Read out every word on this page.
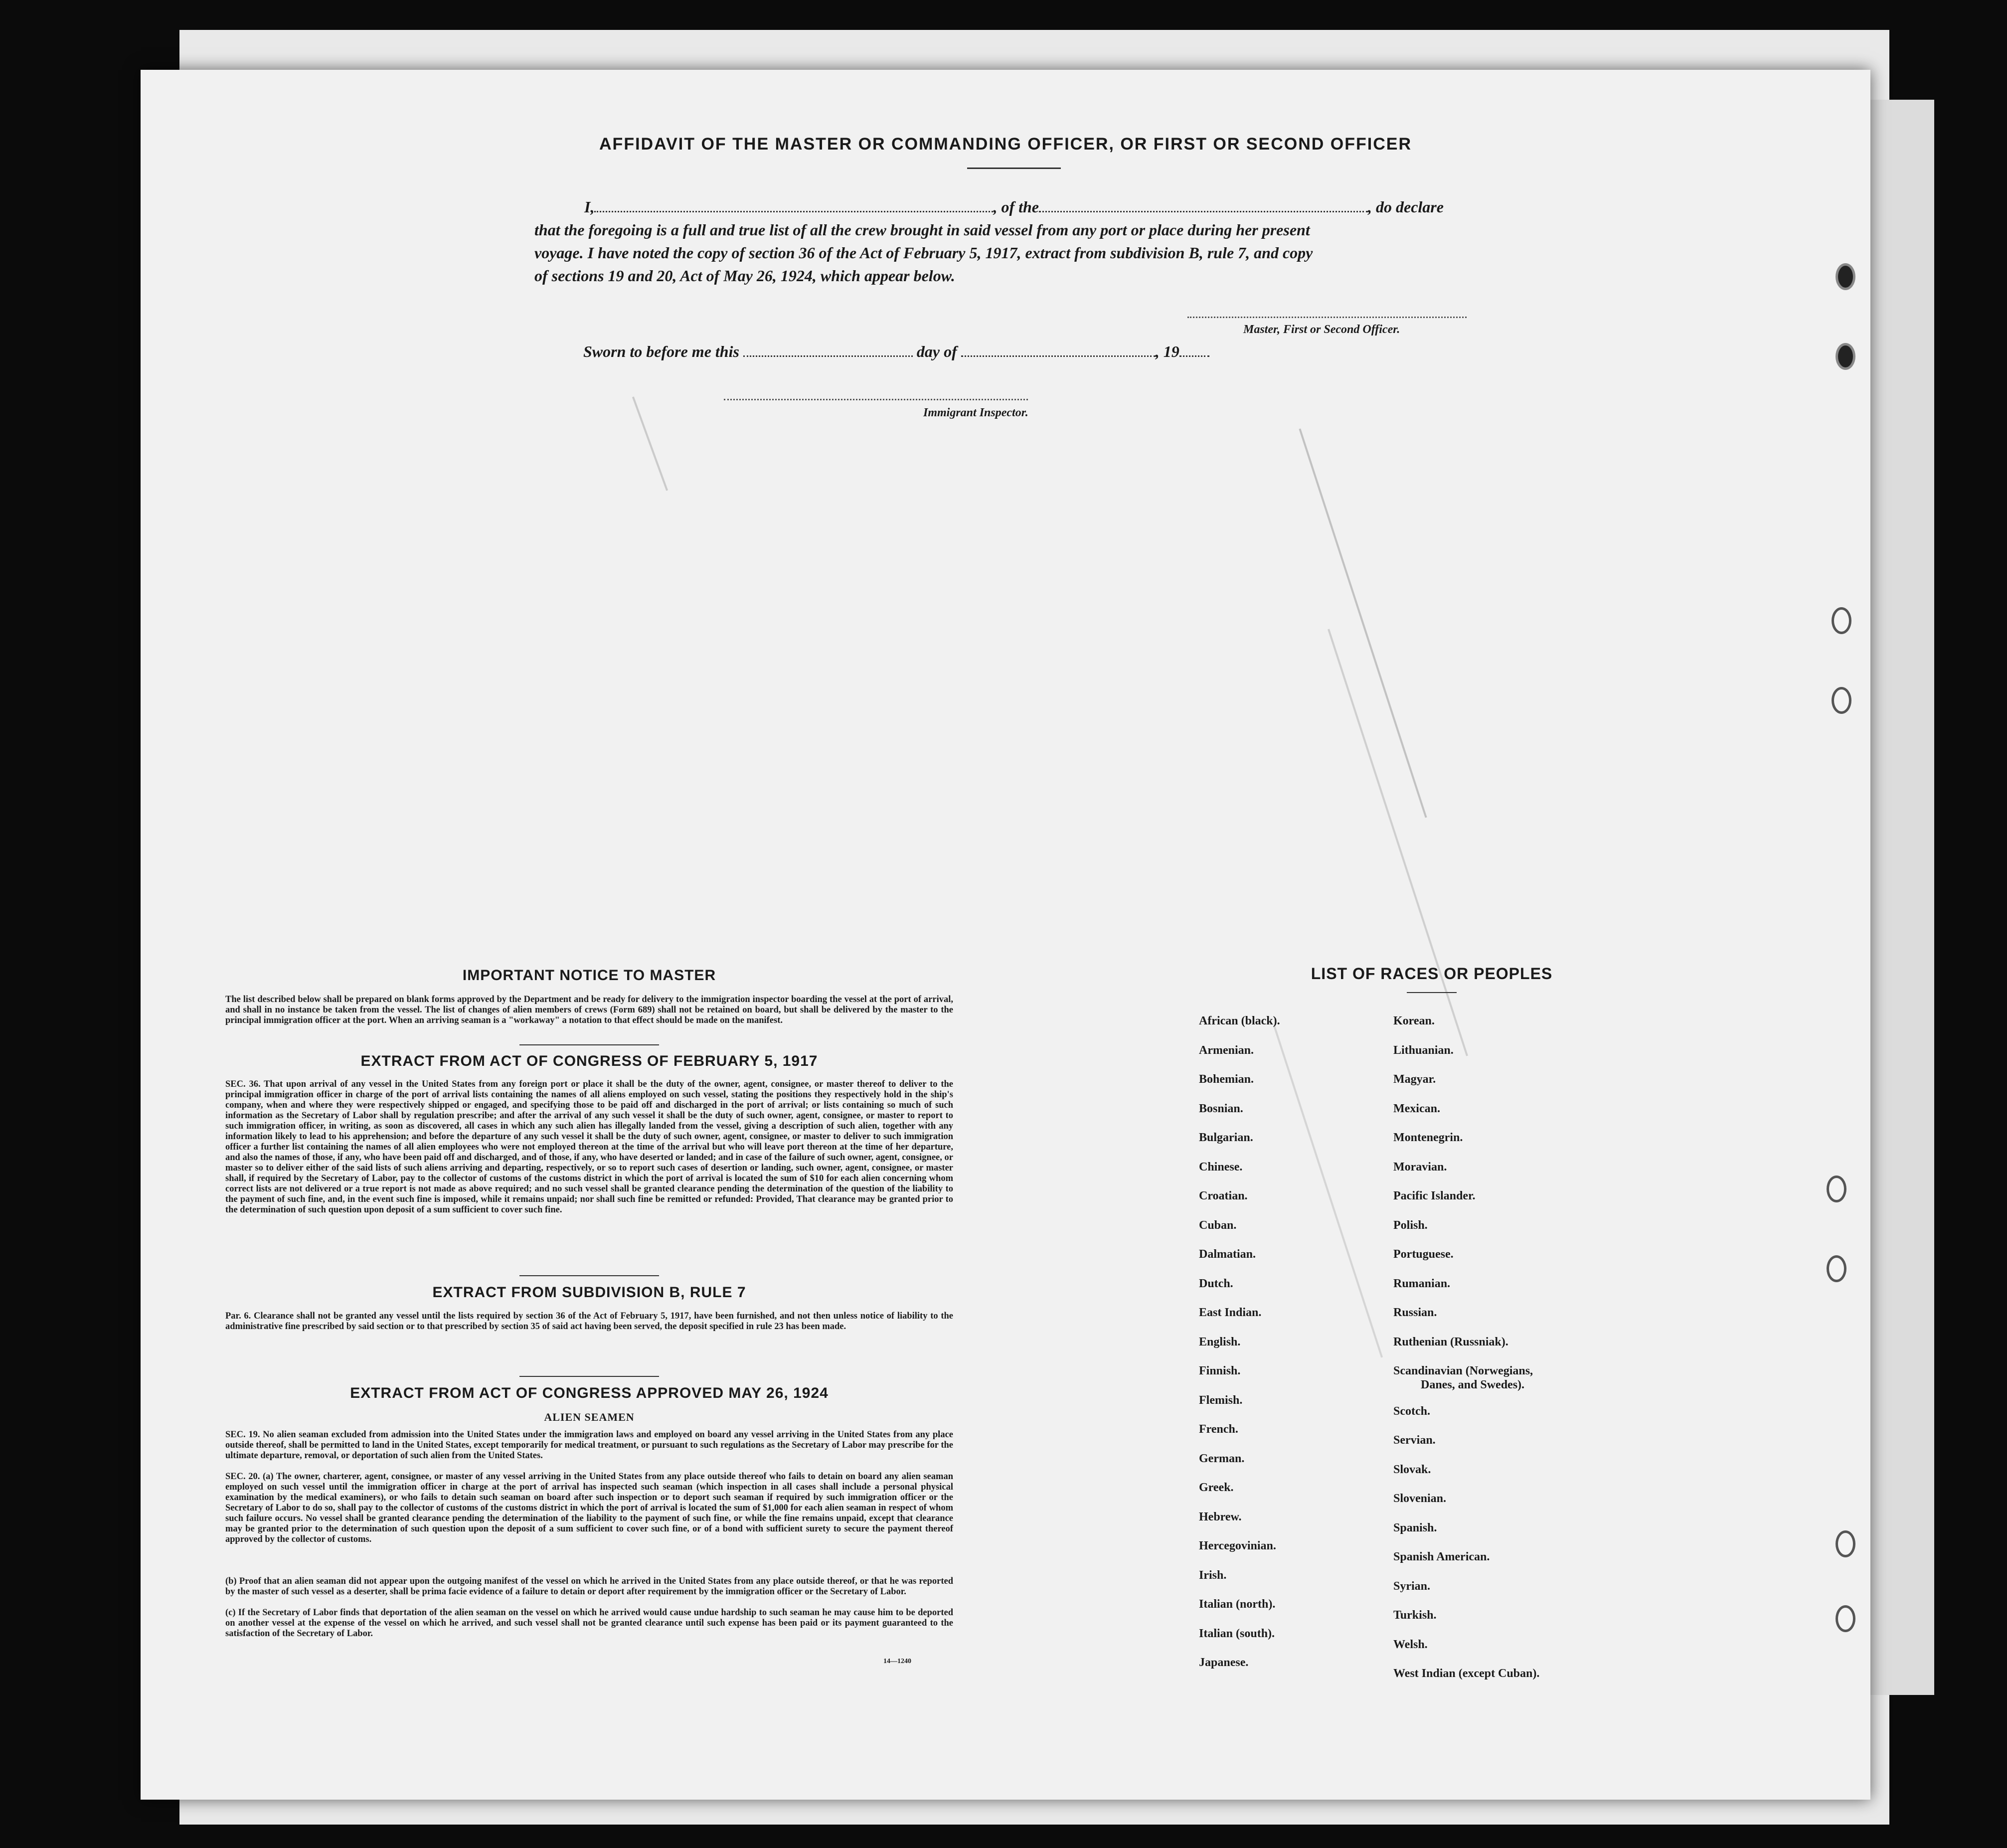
AFFIDAVIT OF THE MASTER OR COMMANDING OFFICER, OR FIRST OR SECOND OFFICER
I,	, of the	, do declare
that the foregoing is a full and true list of all the crew brought in said vessel from any port or place during her present
voyage. I have noted the copy of section 36 of the Act of February 5, 1917, extract from subdivision B, rule 7, and copy
of sections 19 and 20, Act of May 26, 1924, which appear below.
Master, First or Second Officer.
Sworn to before me this	day of	, 19
Immigrant Inspector.
IMPORTANT NOTICE TO MASTER
The list described below shall be prepared on blank forms approved by the Department and be ready for delivery to the immigration inspector boarding the vessel at the port of arrival, and shall in no instance be taken from the vessel. The list of changes of alien members of crews (Form 689) shall not be retained on board, but shall be delivered by the master to the principal immigration officer at the port. When an arriving seaman is a "workaway" a notation to that effect should be made on the manifest.
EXTRACT FROM ACT OF CONGRESS OF FEBRUARY 5, 1917
SEC. 36. That upon arrival of any vessel in the United States from any foreign port or place it shall be the duty of the owner, agent, consignee, or master thereof to deliver to the principal immigration officer in charge of the port of arrival lists containing the names of all aliens employed on such vessel, stating the positions they respectively hold in the ship's company, when and where they were respectively shipped or engaged, and specifying those to be paid off and discharged in the port of arrival; or lists containing so much of such information as the Secretary of Labor shall by regulation prescribe; and after the arrival of any such vessel it shall be the duty of such owner, agent, consignee, or master to report to such immigration officer, in writing, as soon as discovered, all cases in which any such alien has illegally landed from the vessel, giving a description of such alien, together with any information likely to lead to his apprehension; and before the departure of any such vessel it shall be the duty of such owner, agent, consignee, or master to deliver to such immigration officer a further list containing the names of all alien employees who were not employed thereon at the time of the arrival but who will leave port thereon at the time of her departure, and also the names of those, if any, who have been paid off and discharged, and of those, if any, who have deserted or landed; and in case of the failure of such owner, agent, consignee, or master so to deliver either of the said lists of such aliens arriving and departing, respectively, or so to report such cases of desertion or landing, such owner, agent, consignee, or master shall, if required by the Secretary of Labor, pay to the collector of customs of the customs district in which the port of arrival is located the sum of $10 for each alien concerning whom correct lists are not delivered or a true report is not made as above required; and no such vessel shall be granted clearance pending the determination of the question of the liability to the payment of such fine, and, in the event such fine is imposed, while it remains unpaid; nor shall such fine be remitted or refunded: Provided, That clearance may be granted prior to the determination of such question upon deposit of a sum sufficient to cover such fine.
EXTRACT FROM SUBDIVISION B, RULE 7
Par. 6. Clearance shall not be granted any vessel until the lists required by section 36 of the Act of February 5, 1917, have been furnished, and not then unless notice of liability to the administrative fine prescribed by said section or to that prescribed by section 35 of said act having been served, the deposit specified in rule 23 has been made.
EXTRACT FROM ACT OF CONGRESS APPROVED MAY 26, 1924
ALIEN SEAMEN
SEC. 19. No alien seaman excluded from admission into the United States under the immigration laws and employed on board any vessel arriving in the United States from any place outside thereof, shall be permitted to land in the United States, except temporarily for medical treatment, or pursuant to such regulations as the Secretary of Labor may prescribe for the ultimate departure, removal, or deportation of such alien from the United States.
SEC. 20. (a) The owner, charterer, agent, consignee, or master of any vessel arriving in the United States from any place outside thereof who fails to detain on board any alien seaman employed on such vessel until the immigration officer in charge at the port of arrival has inspected such seaman (which inspection in all cases shall include a personal physical examination by the medical examiners), or who fails to detain such seaman on board after such inspection or to deport such seaman if required by such immigration officer or the Secretary of Labor to do so, shall pay to the collector of customs of the customs district in which the port of arrival is located the sum of $1,000 for each alien seaman in respect of whom such failure occurs. No vessel shall be granted clearance pending the determination of the liability to the payment of such fine, or while the fine remains unpaid, except that clearance may be granted prior to the determination of such question upon the deposit of a sum sufficient to cover such fine, or of a bond with sufficient surety to secure the payment thereof approved by the collector of customs.
(b) Proof that an alien seaman did not appear upon the outgoing manifest of the vessel on which he arrived in the United States from any place outside thereof, or that he was reported by the master of such vessel as a deserter, shall be prima facie evidence of a failure to detain or deport after requirement by the immigration officer or the Secretary of Labor.
(c) If the Secretary of Labor finds that deportation of the alien seaman on the vessel on which he arrived would cause undue hardship to such seaman he may cause him to be deported on another vessel at the expense of the vessel on which he arrived, and such vessel shall not be granted clearance until such expense has been paid or its payment guaranteed to the satisfaction of the Secretary of Labor.
14—1240
LIST OF RACES OR PEOPLES
African (black).
Armenian.
Bohemian.
Bosnian.
Bulgarian.
Chinese.
Croatian.
Cuban.
Dalmatian.
Dutch.
East Indian.
English.
Finnish.
Flemish.
French.
German.
Greek.
Hebrew.
Hercegovinian.
Irish.
Italian (north).
Italian (south).
Japanese.
Korean.
Lithuanian.
Magyar.
Mexican.
Montenegrin.
Moravian.
Pacific Islander.
Polish.
Portuguese.
Rumanian.
Russian.
Ruthenian (Russniak).
Scandinavian (Norwegians,
Scotch.
Servian.
Slovak.
Slovenian.
Spanish.
Spanish American.
Syrian.
Turkish.
Welsh.
West Indian (except Cuban).
Danes, and Swedes).
